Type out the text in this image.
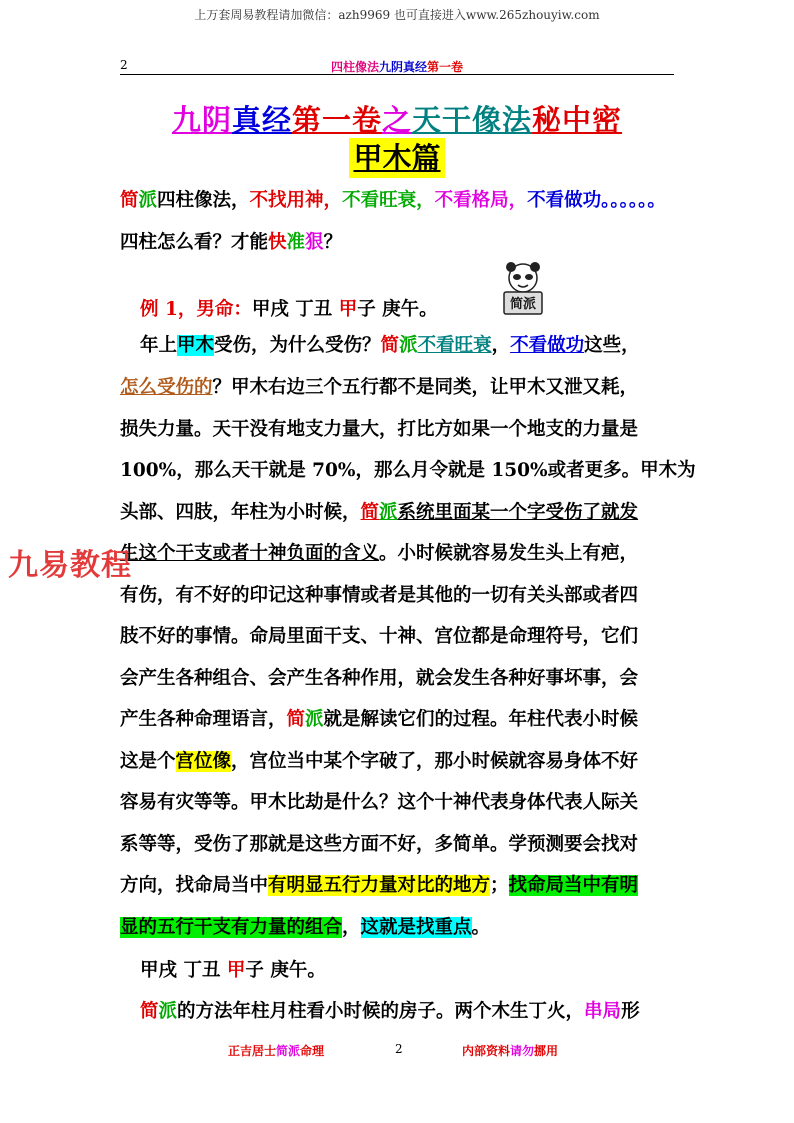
上万套周易教程请加微信：azh9969 也可直接进入www.265zhouyiw.com
2	四柱像法九阴真经第一卷
九阴真经第一卷之天干像法秘中密
甲木篇
简派四柱像法，不找用神，不看旺衰，不看格局，不看做功。。。。。。
四柱怎么看？才能快准狠？
例 1，男命：甲戌 丁丑 甲子 庚午。	简派
年上甲木受伤，为什么受伤？简派不看旺衰，不看做功这些，
怎么受伤的？甲木右边三个五行都不是同类，让甲木又泄又耗，
损失力量。天干没有地支力量大，打比方如果一个地支的力量是
100%，那么天干就是 70%，那么月令就是 150%或者更多。甲木为
头部、四肢，年柱为小时候，简派系统里面某一个字受伤了就发
生这个干支或者十神负面的含义。小时候就容易发生头上有疤，
有伤，有不好的印记这种事情或者是其他的一切有关头部或者四
肢不好的事情。命局里面干支、十神、宫位都是命理符号，它们
会产生各种组合、会产生各种作用，就会发生各种好事坏事，会
产生各种命理语言，简派就是解读它们的过程。年柱代表小时候
这是个宫位像，宫位当中某个字破了，那小时候就容易身体不好
容易有灾等等。甲木比劫是什么？这个十神代表身体代表人际关
系等等，受伤了那就是这些方面不好，多简单。学预测要会找对
方向，找命局当中有明显五行力量对比的地方；找命局当中有明
显的五行干支有力量的组合，这就是找重点。
甲戌 丁丑 甲子 庚午。
简派的方法年柱月柱看小时候的房子。两个木生丁火，串局形
九易教程
正吉居士简派命理	2	内部资料请勿挪用
